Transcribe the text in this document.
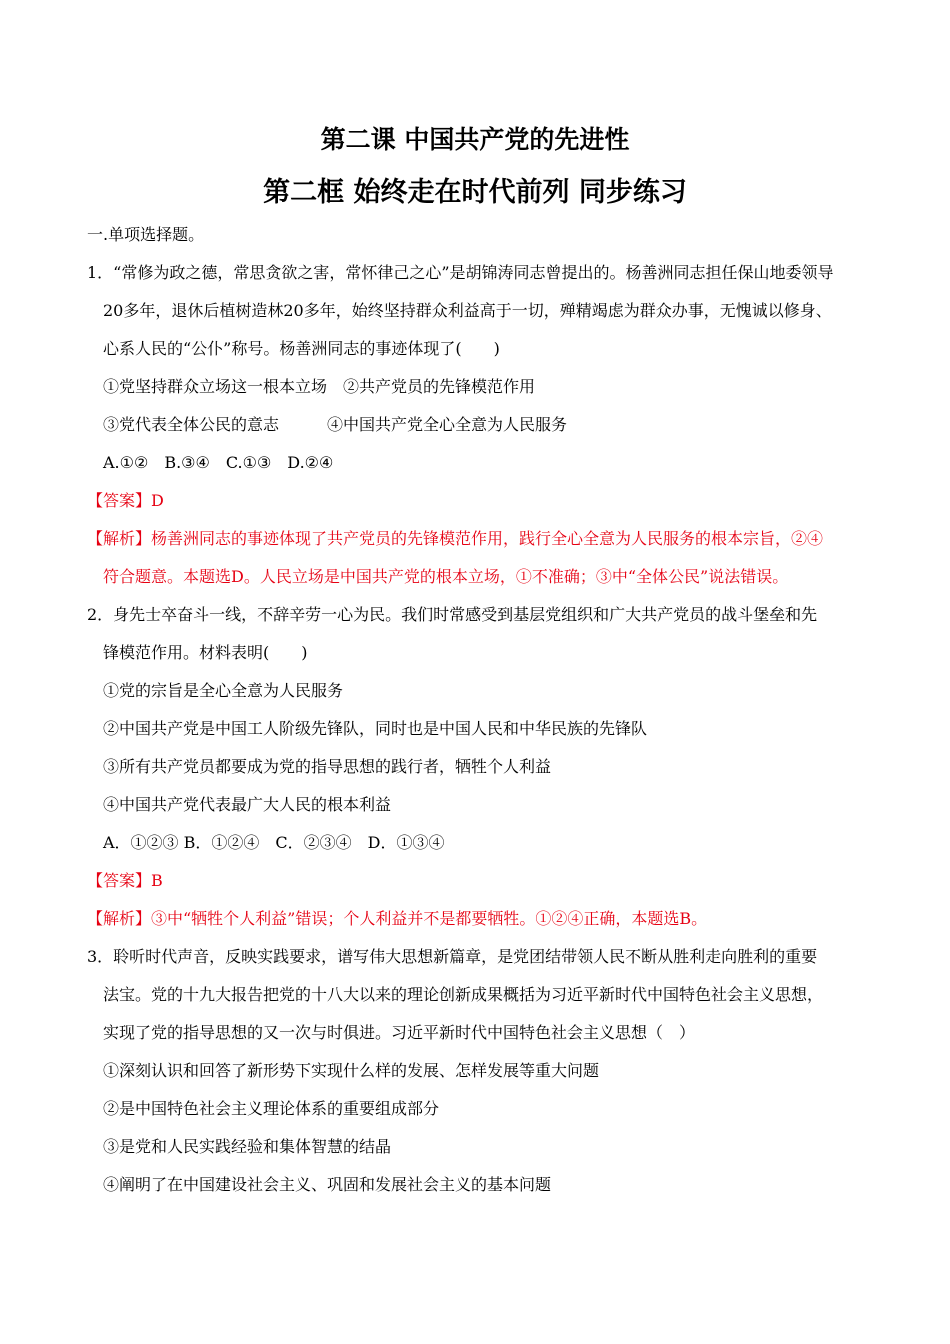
第二课 中国共产党的先进性
第二框 始终走在时代前列 同步练习

一.单项选择题。

1．“常修为政之德，常思贪欲之害，常怀律己之心”是胡锦涛同志曾提出的。杨善洲同志担任保山地委领导

20多年，退休后植树造林20多年，始终坚持群众利益高于一切，殚精竭虑为群众办事，无愧诚以修身、

心系人民的“公仆”称号。杨善洲同志的事迹体现了(　　)

①党坚持群众立场这一根本立场　②共产党员的先锋模范作用

③党代表全体公民的意志　　　④中国共产党全心全意为人民服务

A.①②　B.③④　C.①③　D.②④

【答案】D

【解析】杨善洲同志的事迹体现了共产党员的先锋模范作用，践行全心全意为人民服务的根本宗旨，②④

符合题意。本题选D。人民立场是中国共产党的根本立场，①不准确；③中“全体公民”说法错误。

2．身先士卒奋斗一线，不辞辛劳一心为民。我们时常感受到基层党组织和广大共产党员的战斗堡垒和先

锋模范作用。材料表明(　　)

①党的宗旨是全心全意为人民服务

②中国共产党是中国工人阶级先锋队，同时也是中国人民和中华民族的先锋队

③所有共产党员都要成为党的指导思想的践行者，牺牲个人利益

④中国共产党代表最广大人民的根本利益

A．①②③ B．①②④　C．②③④　D．①③④

【答案】B

【解析】③中“牺牲个人利益”错误；个人利益并不是都要牺牲。①②④正确，本题选B。

3．聆听时代声音，反映实践要求，谱写伟大思想新篇章，是党团结带领人民不断从胜利走向胜利的重要

法宝。党的十九大报告把党的十八大以来的理论创新成果概括为习近平新时代中国特色社会主义思想，

实现了党的指导思想的又一次与时俱进。习近平新时代中国特色社会主义思想（　）

①深刻认识和回答了新形势下实现什么样的发展、怎样发展等重大问题

②是中国特色社会主义理论体系的重要组成部分

③是党和人民实践经验和集体智慧的结晶

④阐明了在中国建设社会主义、巩固和发展社会主义的基本问题
